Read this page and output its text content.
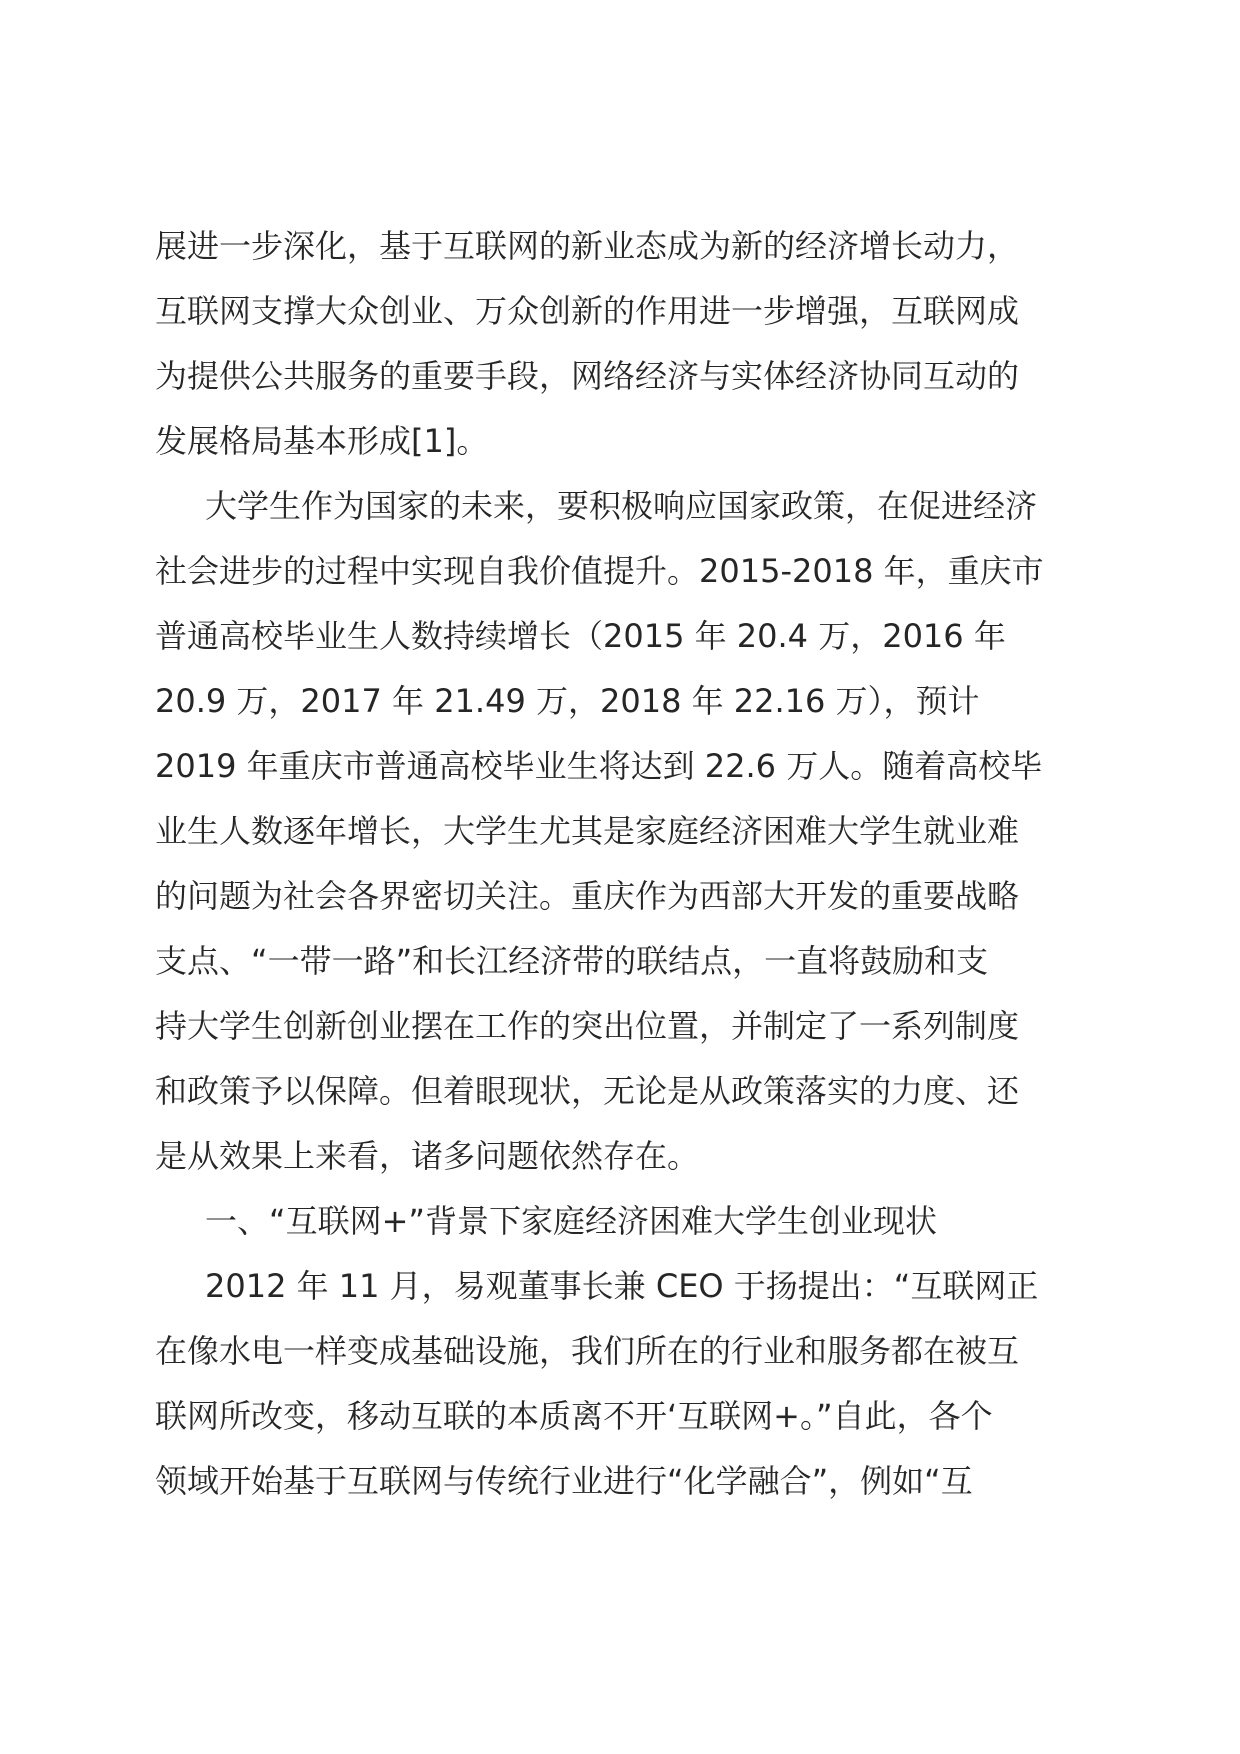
展进一步深化，基于互联网的新业态成为新的经济增长动力，
互联网支撑大众创业、万众创新的作用进一步增强，互联网成
为提供公共服务的重要手段，网络经济与实体经济协同互动的
发展格局基本形成[1]。
大学生作为国家的未来，要积极响应国家政策，在促进经济
社会进步的过程中实现自我价值提升。2015-2018 年，重庆市
普通高校毕业生人数持续增长（2015 年 20.4 万，2016 年
20.9 万，2017 年 21.49 万，2018 年 22.16 万），预计
2019 年重庆市普通高校毕业生将达到 22.6 万人。随着高校毕
业生人数逐年增长，大学生尤其是家庭经济困难大学生就业难
的问题为社会各界密切关注。重庆作为西部大开发的重要战略
支点、“一带一路”和长江经济带的联结点，一直将鼓励和支
持大学生创新创业摆在工作的突出位置，并制定了一系列制度
和政策予以保障。但着眼现状，无论是从政策落实的力度、还
是从效果上来看，诸多问题依然存在。
一、“互联网+”背景下家庭经济困难大学生创业现状
2012 年 11 月，易观董事长兼 CEO 于扬提出：“互联网正
在像水电一样变成基础设施，我们所在的行业和服务都在被互
联网所改变，移动互联的本质离不开‘互联网+。”自此，各个
领域开始基于互联网与传统行业进行“化学融合”，例如“互
